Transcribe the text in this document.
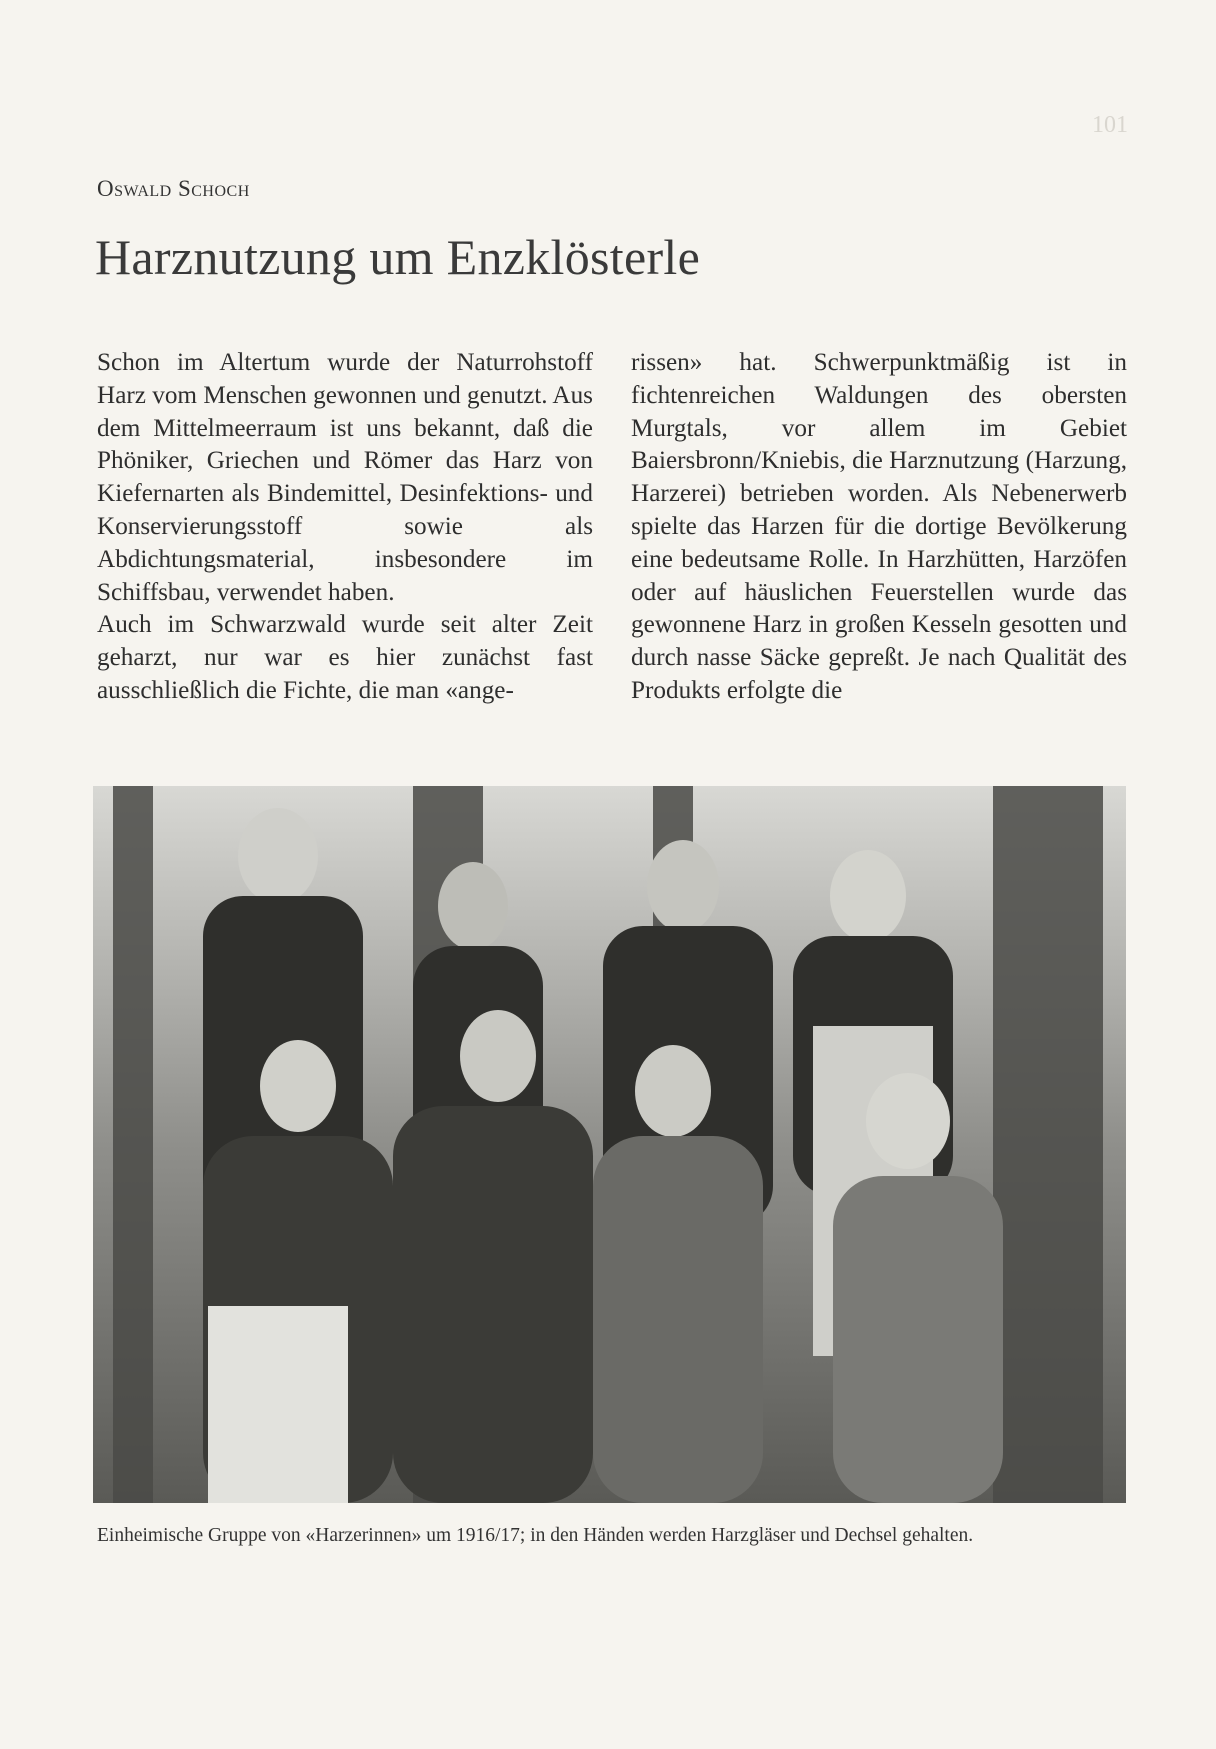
101
Oswald Schoch
Harznutzung um Enzklösterle

Schon im Altertum wurde der Naturrohstoff Harz vom Menschen gewonnen und genutzt. Aus dem Mittelmeerraum ist uns bekannt, daß die Phöniker, Griechen und Römer das Harz von Kiefernarten als Bindemittel, Desinfektions- und Konservierungsstoff sowie als Abdichtungsmaterial, insbesondere im Schiffsbau, verwendet haben.

Auch im Schwarzwald wurde seit alter Zeit geharzt, nur war es hier zunächst fast ausschließlich die Fichte, die man «ange-

rissen» hat. Schwerpunktmäßig ist in fichtenreichen Waldungen des obersten Murgtals, vor allem im Gebiet Baiersbronn/Kniebis, die Harznutzung (Harzung, Harzerei) betrieben worden. Als Nebenerwerb spielte das Harzen für die dortige Bevölkerung eine bedeutsame Rolle. In Harzhütten, Harzöfen oder auf häuslichen Feuerstellen wurde das gewonnene Harz in großen Kesseln gesotten und durch nasse Säcke gepreßt. Je nach Qualität des Produkts erfolgte die

Einheimische Gruppe von «Harzerinnen» um 1916/17; in den Händen werden Harzgläser und Dechsel gehalten.
